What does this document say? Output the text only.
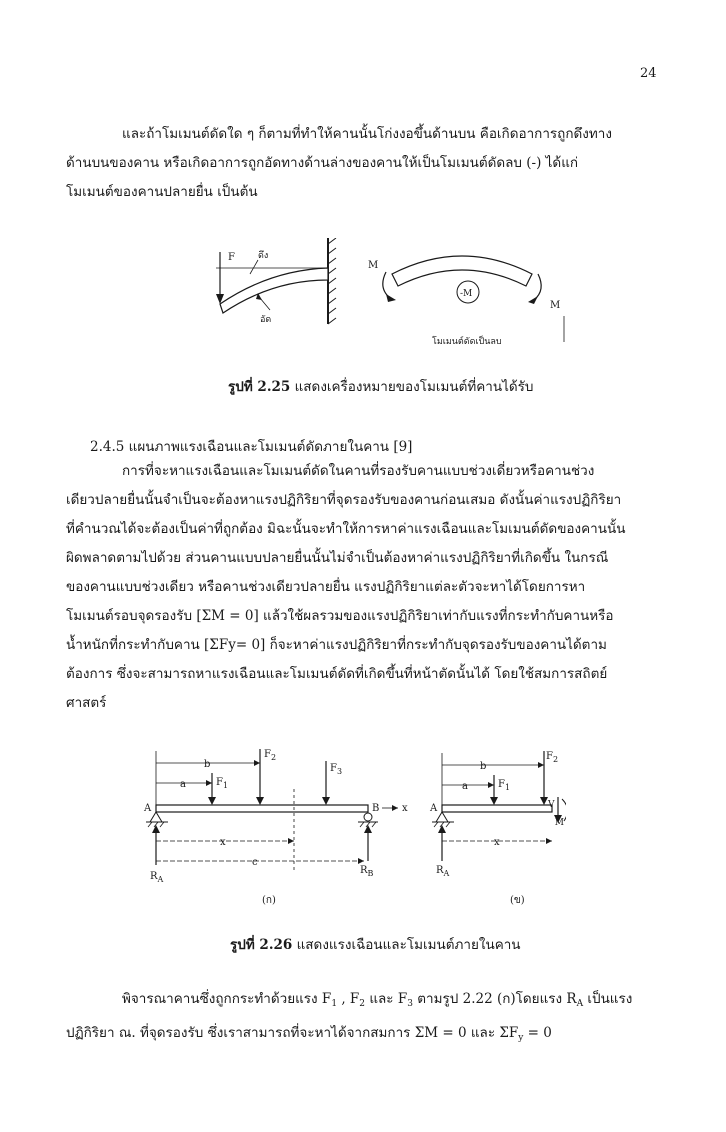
24

และถ้าโมเมนต์ดัดใด ๆ ก็ตามที่ทำให้คานนั้นโก่งงอขึ้นด้านบน คือเกิดอาการถูกดึงทาง
ด้านบนของคาน หรือเกิดอาการถูกอัดทางด้านล่างของคานให้เป็นโมเมนต์ดัดลบ (-) ได้แก่
โมเมนต์ของคานปลายยื่น เป็นต้น

F	ดึง
อัด
M
M
-M
โมเมนต์ดัดเป็นลบ
รูปที่ 2.25 แสดงเครื่องหมายของโมเมนต์ที่คานได้รับ
2.4.5 แผนภาพแรงเฉือนและโมเมนต์ดัดภายในคาน [9]

การที่จะหาแรงเฉือนและโมเมนต์ดัดในคานที่รองรับคานแบบช่วงเดี่ยวหรือคานช่วง
เดียวปลายยื่นนั้นจำเป็นจะต้องหาแรงปฏิกิริยาที่จุดรองรับของคานก่อนเสมอ ดังนั้นค่าแรงปฏิกิริยา
ที่คำนวณได้จะต้องเป็นค่าที่ถูกต้อง มิฉะนั้นจะทำให้การหาค่าแรงเฉือนและโมเมนต์ดัดของคานนั้น
ผิดพลาดตามไปด้วย ส่วนคานแบบปลายยื่นนั้นไม่จำเป็นต้องหาค่าแรงปฏิกิริยาที่เกิดขึ้น ในกรณี
ของคานแบบช่วงเดียว หรือคานช่วงเดียวปลายยื่น แรงปฏิกิริยาแต่ละตัวจะหาได้โดยการหา
โมเมนต์รอบจุดรองรับ [ΣM = 0] แล้วใช้ผลรวมของแรงปฏิกิริยาเท่ากับแรงที่กระทำกับคานหรือ
น้ำหนักที่กระทำกับคาน [ΣFy= 0] ก็จะหาค่าแรงปฏิกิริยาที่กระทำกับจุดรองรับของคานได้ตาม
ต้องการ ซึ่งจะสามารถหาแรงเฉือนและโมเมนต์ดัดที่เกิดขึ้นที่หน้าตัดนั้นได้ โดยใช้สมการสถิตย์
ศาสตร์

b
a	$F_1$
$F_2$
$F_3$
A	B x
$R_A$
$R_B$
x
c
(ก)
b
a	$F_1$
$F_2$
A	V
M
$R_A$
x
(ข)
รูปที่ 2.26 แสดงแรงเฉือนและโมเมนต์ภายในคาน

พิจารณาคานซึ่งถูกกระทำด้วยแรง $F_1$ , $F_2$ และ $F_3$ ตามรูป 2.22 (ก)โดยแรง $R_A$ เป็นแรง
ปฏิกิริยา ณ. ที่จุดรองรับ ซึ่งเราสามารถที่จะหาได้จากสมการ ΣM = 0 และ $\Sigma F_y = 0$
